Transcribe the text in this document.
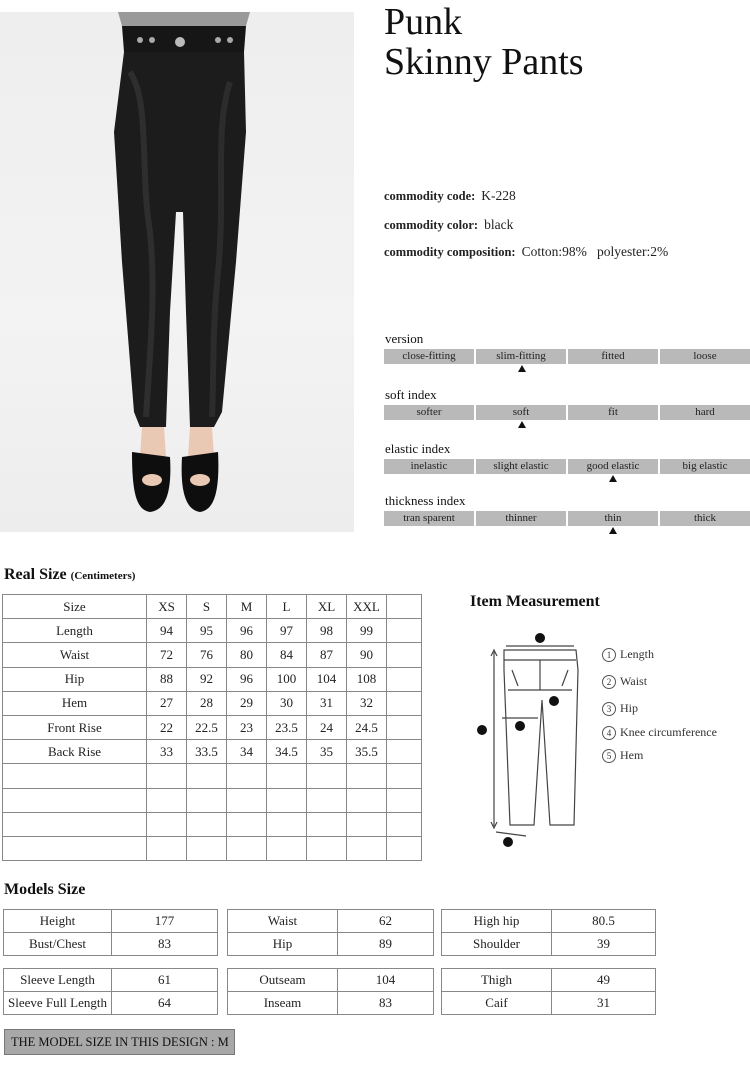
Punk
Skinny Pants
commodity code: K-228
commodity color: black
commodity composition: Cotton:98%   polyester:2%
version
close-fitting	slim-fitting	fitted	loose
soft index
softer	soft	fit	hard
elastic index
inelastic	slight elastic	good elastic	big elastic
thickness index
tran sparent	thinner	thin	thick
Real Size (Centimeters)
Size	XS	S	M	L	XL	XXL	
Length	94	95	96	97	98	99	
Waist	72	76	80	84	87	90	
Hip	88	92	96	100	104	108	
Hem	27	28	29	30	31	32	
Front Rise	22	22.5	23	23.5	24	24.5	
Back Rise	33	33.5	34	34.5	35	35.5	

Item Measurement
1 Length
2 Waist
3 Hip
4 Knee circumference
5 Hem
Models Size
Height	177
Bust/Chest	83
Waist	62
Hip	89
High hip	80.5
Shoulder	39
Sleeve Length	61
Sleeve Full Length	64
Outseam	104
Inseam	83
Thigh	49
Caif	31
THE MODEL SIZE IN THIS DESIGN : M
